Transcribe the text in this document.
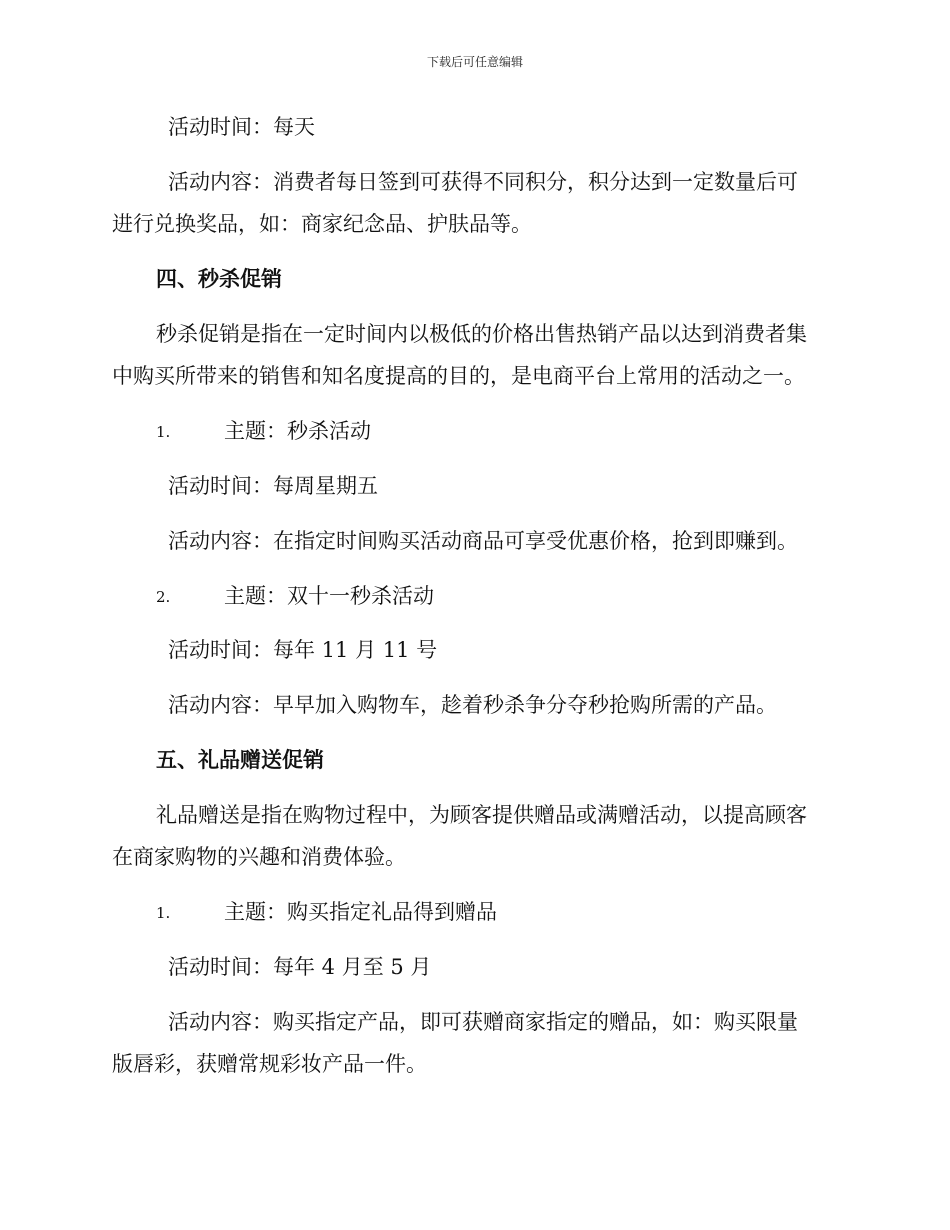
下载后可任意编辑
活动时间：每天
活动内容：消费者每日签到可获得不同积分，积分达到一定数量后可
进行兑换奖品，如：商家纪念品、护肤品等。
四、秒杀促销
秒杀促销是指在一定时间内以极低的价格出售热销产品以达到消费者集
中购买所带来的销售和知名度提高的目的，是电商平台上常用的活动之一。
1.	主题：秒杀活动
活动时间：每周星期五
活动内容：在指定时间购买活动商品可享受优惠价格，抢到即赚到。
2.	主题：双十一秒杀活动
活动时间：每年 11 月 11 号
活动内容：早早加入购物车，趁着秒杀争分夺秒抢购所需的产品。
五、礼品赠送促销
礼品赠送是指在购物过程中，为顾客提供赠品或满赠活动，以提高顾客
在商家购物的兴趣和消费体验。
1.	主题：购买指定礼品得到赠品
活动时间：每年 4 月至 5 月
活动内容：购买指定产品，即可获赠商家指定的赠品，如：购买限量
版唇彩，获赠常规彩妆产品一件。
